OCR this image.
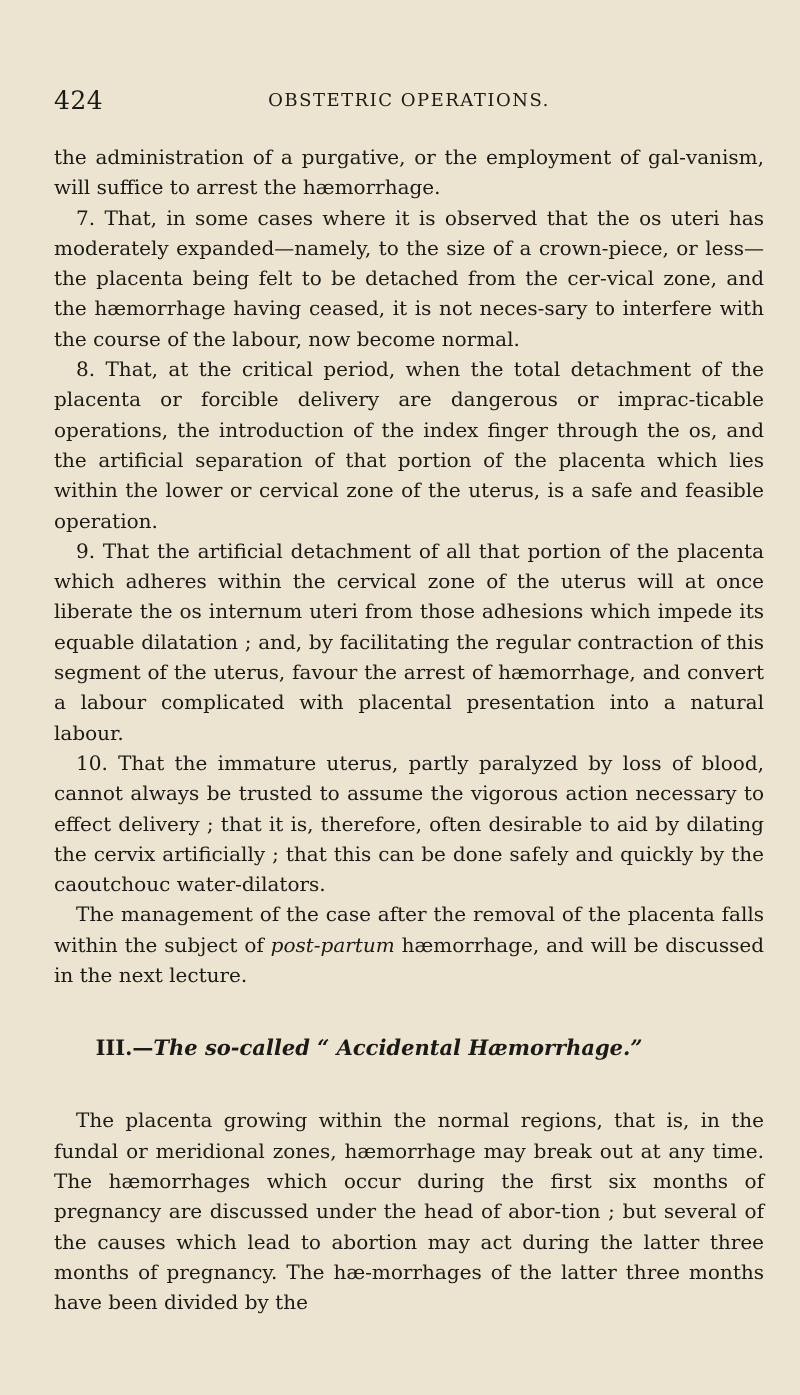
424	OBSTETRIC OPERATIONS.

the administration of a purgative, or the employment of gal-vanism, will suffice to arrest the hæmorrhage.

7. That, in some cases where it is observed that the os uteri has moderately expanded—namely, to the size of a crown-piece, or less—the placenta being felt to be detached from the cer-vical zone, and the hæmorrhage having ceased, it is not neces-sary to interfere with the course of the labour, now become normal.

8. That, at the critical period, when the total detachment of the placenta or forcible delivery are dangerous or imprac-ticable operations, the introduction of the index finger through the os, and the artificial separation of that portion of the placenta which lies within the lower or cervical zone of the uterus, is a safe and feasible operation.

9. That the artificial detachment of all that portion of the placenta which adheres within the cervical zone of the uterus will at once liberate the os internum uteri from those adhesions which impede its equable dilatation ; and, by facilitating the regular contraction of this segment of the uterus, favour the arrest of hæmorrhage, and convert a labour complicated with placental presentation into a natural labour.

10. That the immature uterus, partly paralyzed by loss of blood, cannot always be trusted to assume the vigorous action necessary to effect delivery ; that it is, therefore, often desirable to aid by dilating the cervix artificially ; that this can be done safely and quickly by the caoutchouc water-dilators.

The management of the case after the removal of the placenta falls within the subject of post-partum hæmorrhage, and will be discussed in the next lecture.

III.—The so-called “ Accidental Hæmorrhage.”

The placenta growing within the normal regions, that is, in the fundal or meridional zones, hæmorrhage may break out at any time. The hæmorrhages which occur during the first six months of pregnancy are discussed under the head of abor-tion ; but several of the causes which lead to abortion may act during the latter three months of pregnancy. The hæ-morrhages of the latter three months have been divided by the
